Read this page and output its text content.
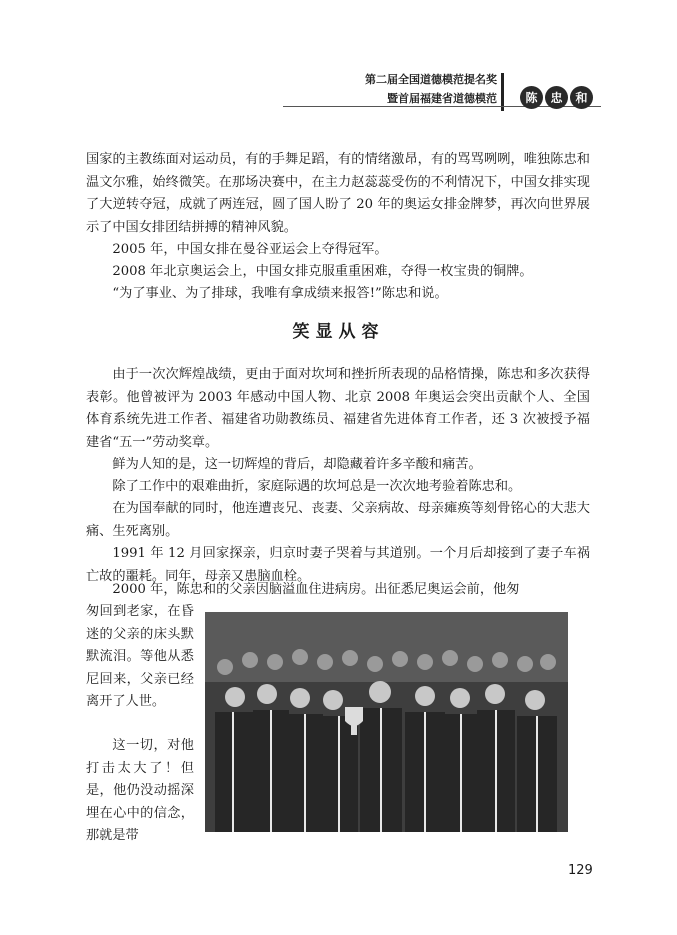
第二届全国道德模范提名奖
暨首届福建省道德模范	陈	忠	和

国家的主教练面对运动员，有的手舞足蹈，有的情绪激昂，有的骂骂咧咧，唯独陈忠和温文尔雅，始终微笑。在那场决赛中，在主力赵蕊蕊受伤的不利情况下，中国女排实现了大逆转夺冠，成就了两连冠，圆了国人盼了 20 年的奥运女排金牌梦，再次向世界展示了中国女排团结拼搏的精神风貌。

2005 年，中国女排在曼谷亚运会上夺得冠军。

2008 年北京奥运会上，中国女排克服重重困难，夺得一枚宝贵的铜牌。

“为了事业、为了排球，我唯有拿成绩来报答!”陈忠和说。

笑显从容

由于一次次辉煌战绩，更由于面对坎坷和挫折所表现的品格情操，陈忠和多次获得表彰。他曾被评为 2003 年感动中国人物、北京 2008 年奥运会突出贡献个人、全国体育系统先进工作者、福建省功勋教练员、福建省先进体育工作者，还 3 次被授予福建省“五一”劳动奖章。

鲜为人知的是，这一切辉煌的背后，却隐藏着许多辛酸和痛苦。

除了工作中的艰难曲折，家庭际遇的坎坷总是一次次地考验着陈忠和。

在为国奉献的同时，他连遭丧兄、丧妻、父亲病故、母亲瘫痪等刻骨铭心的大悲大痛、生死离别。

1991 年 12 月回家探亲，归京时妻子哭着与其道别。一个月后却接到了妻子车祸亡故的噩耗。同年，母亲又患脑血栓。

2000 年，陈忠和的父亲因脑溢血住进病房。出征悉尼奥运会前，他匆

匆回到老家，在昏迷的父亲的床头默默流泪。等他从悉尼回来，父亲已经离开了人世。

这一切，对他打击太大了！但是，他仍没动摇深埋在心中的信念，那就是带

129
